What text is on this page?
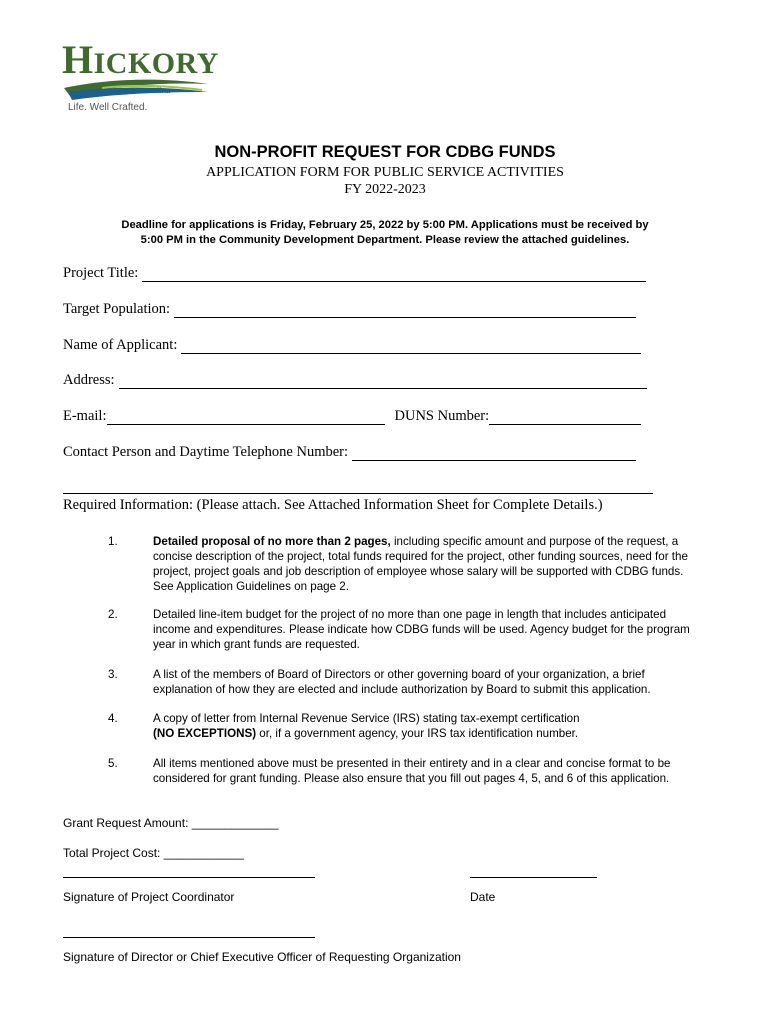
HICKORY
North Carolina
Life. Well Crafted.
NON-PROFIT REQUEST FOR CDBG FUNDS
APPLICATION FORM FOR PUBLIC SERVICE ACTIVITIES
FY 2022-2023
Deadline for applications is Friday, February 25, 2022 by 5:00 PM. Applications must be received by
5:00 PM in the Community Development Department. Please review the attached guidelines.
Project Title:
Target Population:
Name of Applicant:
Address:
E-mail:	DUNS Number:
Contact Person and Daytime Telephone Number:
Required Information: (Please attach. See Attached Information Sheet for Complete Details.)
1.	Detailed proposal of no more than 2 pages, including specific amount and purpose of the request, a concise description of the project, total funds required for the project, other funding sources, need for the project, project goals and job description of employee whose salary will be supported with CDBG funds. See Application Guidelines on page 2.
2.	Detailed line-item budget for the project of no more than one page in length that includes anticipated income and expenditures. Please indicate how CDBG funds will be used. Agency budget for the program year in which grant funds are requested.
3.	A list of the members of Board of Directors or other governing board of your organization, a brief explanation of how they are elected and include authorization by Board to submit this application.
4.	A copy of letter from Internal Revenue Service (IRS) stating tax-exempt certification
(NO EXCEPTIONS) or, if a government agency, your IRS tax identification number.
5.	All items mentioned above must be presented in their entirety and in a clear and concise format to be considered for grant funding. Please also ensure that you fill out pages 4, 5, and 6 of this application.
Grant Request Amount: _____________
Total Project Cost: ____________
Signature of Project Coordinator	Date
Signature of Director or Chief Executive Officer of Requesting Organization
